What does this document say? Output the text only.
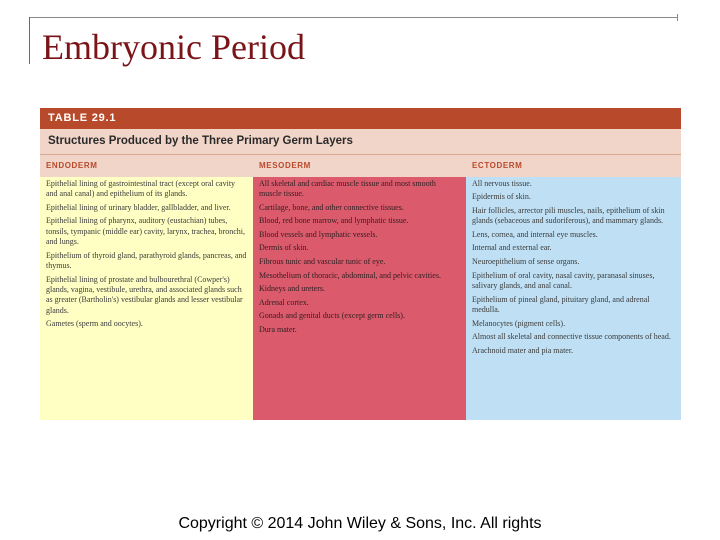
Embryonic Period
TABLE 29.1
Structures Produced by the Three Primary Germ Layers
ENDODERM	MESODERM	ECTODERM

Epithelial lining of gastrointestinal tract (except oral cavity and anal canal) and epithelium of its glands.

Epithelial lining of urinary bladder, gallbladder, and liver.

Epithelial lining of pharynx, auditory (eustachian) tubes, tonsils, tympanic (middle ear) cavity, larynx, trachea, bronchi, and lungs.

Epithelium of thyroid gland, parathyroid glands, pancreas, and thymus.

Epithelial lining of prostate and bulbourethral (Cowper's) glands, vagina, vestibule, urethra, and associated glands such as greater (Bartholin's) vestibular glands and lesser vestibular glands.

Gametes (sperm and oocytes).

All skeletal and cardiac muscle tissue and most smooth muscle tissue.

Cartilage, bone, and other connective tissues.

Blood, red bone marrow, and lymphatic tissue.

Blood vessels and lymphatic vessels.

Dermis of skin.

Fibrous tunic and vascular tunic of eye.

Mesothelium of thoracic, abdominal, and pelvic cavities.

Kidneys and ureters.

Adrenal cortex.

Gonads and genital ducts (except germ cells).

Dura mater.

All nervous tissue.

Epidermis of skin.

Hair follicles, arrector pili muscles, nails, epithelium of skin glands (sebaceous and sudoriferous), and mammary glands.

Lens, cornea, and internal eye muscles.

Internal and external ear.

Neuroepithelium of sense organs.

Epithelium of oral cavity, nasal cavity, paranasal sinuses, salivary glands, and anal canal.

Epithelium of pineal gland, pituitary gland, and adrenal medulla.

Melanocytes (pigment cells).

Almost all skeletal and connective tissue components of head.

Arachnoid mater and pia mater.

Copyright © 2014 John Wiley & Sons, Inc. All rights
